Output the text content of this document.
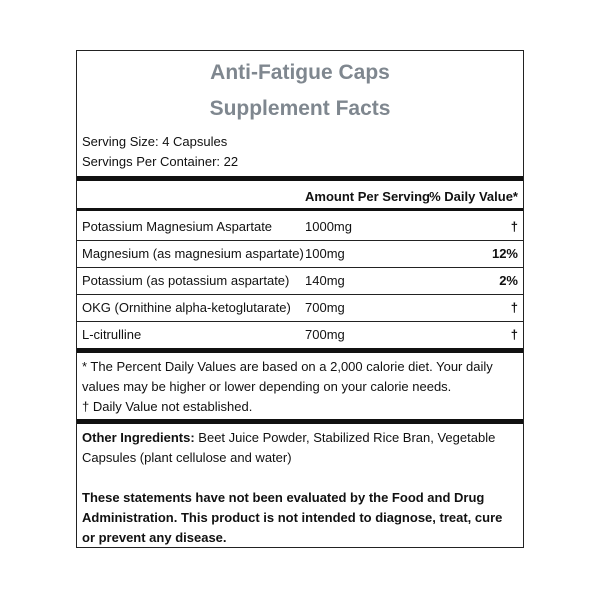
Anti-Fatigue Caps
Supplement Facts
Serving Size: 4 Capsules
Servings Per Container: 22
Amount Per Serving % Daily Value*
Potassium Magnesium Aspartate	1000mg	†
Magnesium (as magnesium aspartate) 100mg	12%
Potassium (as potassium aspartate) 140mg	2%
OKG (Ornithine alpha-ketoglutarate) 700mg	†
L-citrulline	700mg	†
* The Percent Daily Values are based on a 2,000 calorie diet. Your daily values may be higher or lower depending on your calorie needs.
† Daily Value not established.
Other Ingredients: Beet Juice Powder, Stabilized Rice Bran, Vegetable Capsules (plant cellulose and water)
These statements have not been evaluated by the Food and Drug Administration. This product is not intended to diagnose, treat, cure or prevent any disease.
